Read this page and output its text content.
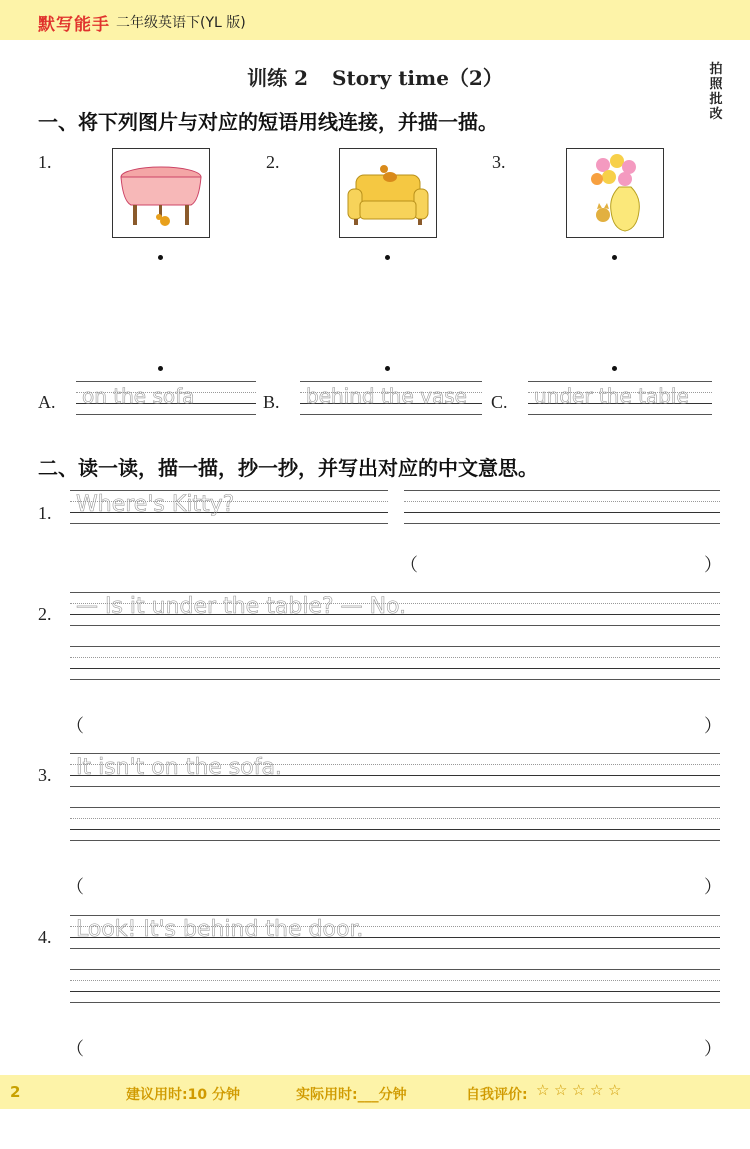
默写能手 二年级英语下(YL 版)
训练 2 Story time（2）	拍
照
批
改
一、将下列图片与对应的短语用线连接，并描一描。
1.	2.	3.
A. on the sofa	B. behind the vase C. under the table
二、读一读，描一描，抄一抄，并写出对应的中文意思。
1. Where's Kitty?
（	）
2. — Is it under the table? — No.
（	）
3. It isn't on the sofa.
（	）
4. Look! It's behind the door.
（	）
2	建议用时:10 分钟	实际用时:___分钟	自我评价: ☆ ☆ ☆ ☆ ☆
